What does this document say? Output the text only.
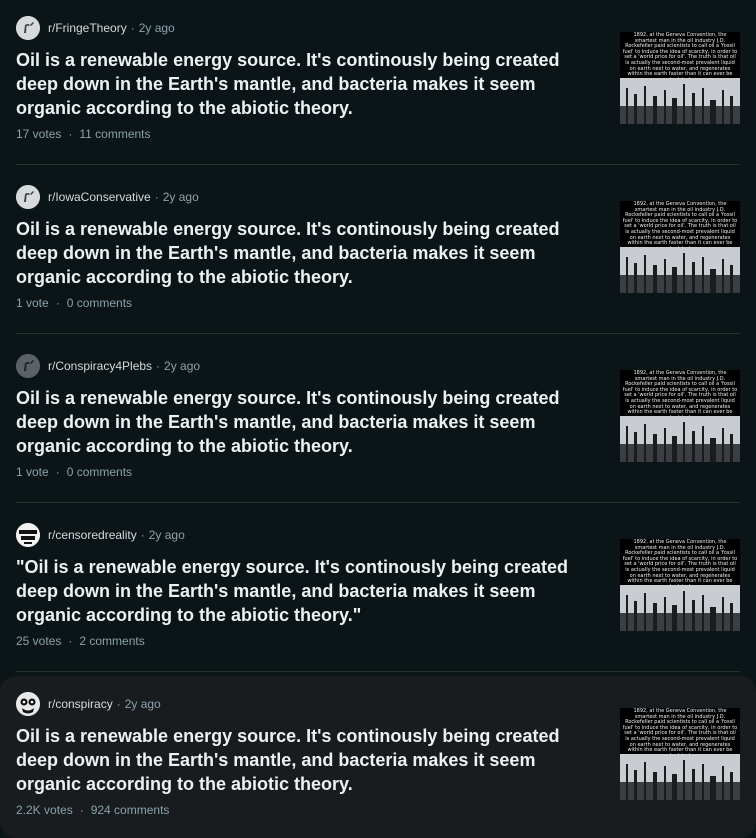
r/FringeTheory · 2y ago
Oil is a renewable energy source. It's continously being created deep down in the Earth's mantle, and bacteria makes it seem organic according to the abiotic theory.
17 votes · 11 comments
1892, at the Geneva Convention, the smartest man in the oil industry J.D. Rockefeller paid scientists to call oil a 'fossil fuel' to induce the idea of scarcity, in order to set a 'world price for oil'. The truth is that oil is actually the second-most prevalent liquid on earth next to water, and regenerates within the earth faster than it can ever be
r/IowaConservative · 2y ago
Oil is a renewable energy source. It's continously being created deep down in the Earth's mantle, and bacteria makes it seem organic according to the abiotic theory.
1 vote · 0 comments
1892, at the Geneva Convention, the smartest man in the oil industry J.D. Rockefeller paid scientists to call oil a 'fossil fuel' to induce the idea of scarcity, in order to set a 'world price for oil'. The truth is that oil is actually the second-most prevalent liquid on earth next to water, and regenerates within the earth faster than it can ever be
r/Conspiracy4Plebs · 2y ago
Oil is a renewable energy source. It's continously being created deep down in the Earth's mantle, and bacteria makes it seem organic according to the abiotic theory.
1 vote · 0 comments
1892, at the Geneva Convention, the smartest man in the oil industry J.D. Rockefeller paid scientists to call oil a 'fossil fuel' to induce the idea of scarcity, in order to set a 'world price for oil'. The truth is that oil is actually the second-most prevalent liquid on earth next to water, and regenerates within the earth faster than it can ever be
r/censoredreality · 2y ago
"Oil is a renewable energy source. It's continously being created deep down in the Earth's mantle, and bacteria makes it seem organic according to the abiotic theory."
25 votes · 2 comments
1892, at the Geneva Convention, the smartest man in the oil industry J.D. Rockefeller paid scientists to call oil a 'fossil fuel' to induce the idea of scarcity, in order to set a 'world price for oil'. The truth is that oil is actually the second-most prevalent liquid on earth next to water, and regenerates within the earth faster than it can ever be
r/conspiracy · 2y ago
Oil is a renewable energy source. It's continously being created deep down in the Earth's mantle, and bacteria makes it seem organic according to the abiotic theory.
2.2K votes · 924 comments
1892, at the Geneva Convention, the smartest man in the oil industry J.D. Rockefeller paid scientists to call oil a 'fossil fuel' to induce the idea of scarcity, in order to set a 'world price for oil'. The truth is that oil is actually the second-most prevalent liquid on earth next to water, and regenerates within the earth faster than it can ever be
